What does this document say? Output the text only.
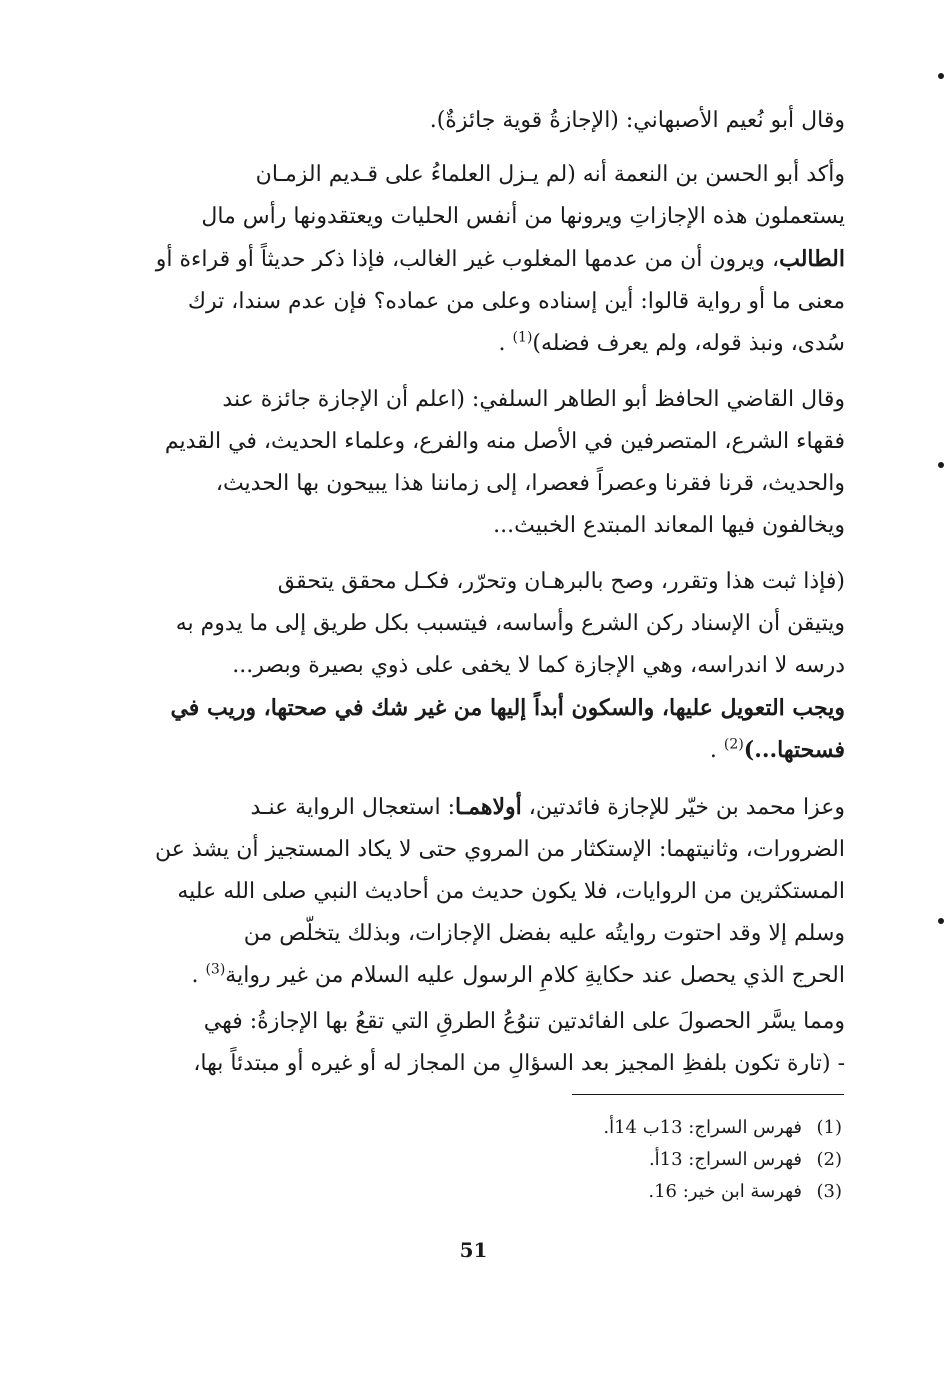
وقال أبو نُعيم الأصبهاني: (الإجازةُ قوية جائزةٌ).

وأكد أبو الحسن بن النعمة أنه (لم يـزل العلماءُ على قـديم الزمـان
يستعملون هذه الإجازاتِ ويرونها من أنفس الحليات ويعتقدونها رأس مال
الطالب، ويرون أن من عدمها المغلوب غير الغالب، فإذا ذكر حديثاً أو قراءة أو
معنى ما أو رواية قالوا: أين إسناده وعلى من عماده؟ فإن عدم سندا، ترك
سُدى، ونبذ قوله، ولم يعرف فضله)$^{(1)}$ .

وقال القاضي الحافظ أبو الطاهر السلفي: (اعلم أن الإجازة جائزة عند
فقهاء الشرع، المتصرفين في الأصل منه والفرع، وعلماء الحديث، في القديم
والحديث، قرنا فقرنا وعصراً فعصرا، إلى زماننا هذا يبيحون بها الحديث،
ويخالفون فيها المعاند المبتدع الخبيث...

(فإذا ثبت هذا وتقرر، وصح بالبرهـان وتحرّر، فكـل محقق يتحقق
ويتيقن أن الإسناد ركن الشرع وأساسه، فيتسبب بكل طريق إلى ما يدوم به
درسه لا اندراسه، وهي الإجازة كما لا يخفى على ذوي بصيرة وبصر...
ويجب التعويل عليها، والسكون أبداً إليها من غير شك في صحتها، وريب في
فسحتها...)$^{(2)}$ .

وعزا محمد بن خيّر للإجازة فائدتين، أولاهمـا: استعجال الرواية عنـد
الضرورات، وثانيتهما: الإستكثار من المروي حتى لا يكاد المستجيز أن يشذ عن
المستكثرين من الروايات، فلا يكون حديث من أحاديث النبي صلى الله عليه
وسلم إلا وقد احتوت روايتُه عليه بفضل الإجازات، وبذلك يتخلّص من
الحرج الذي يحصل عند حكايةِ كلامِ الرسول عليه السلام من غير رواية$^{(3)}$ .

ومما يسَّر الحصولَ على الفائدتين تنوُعُ الطرقِ التي تقعُ بها الإجازةُ: فهي
- (تارة تكون بلفظِ المجيز بعد السؤالِ من المجاز له أو غيره أو مبتدئاً بها،

(1)فهرس السراج: 13ب 14أ.
(2)فهرس السراج: 13أ.
(3)فهرسة ابن خير: 16.
51
